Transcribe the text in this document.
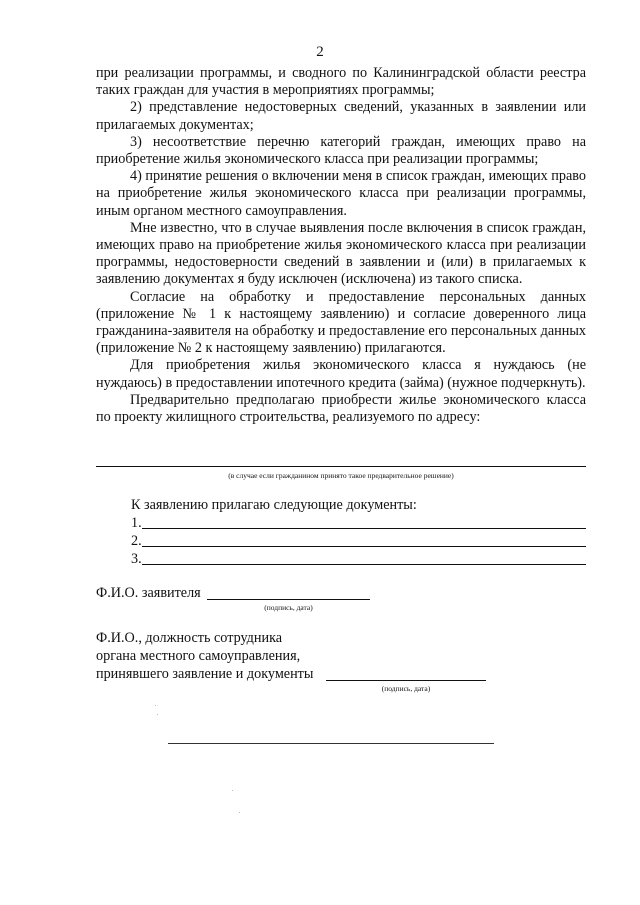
2

при реализации программы, и сводного по Калининградской области реестра таких граждан для участия в мероприятиях программы;

2) представление недостоверных сведений, указанных в заявлении или прилагаемых документах;

3) несоответствие перечню категорий граждан, имеющих право на приобретение жилья экономического класса при реализации программы;

4) принятие решения о включении меня в список граждан, имеющих право на приобретение жилья экономического класса при реализации программы, иным органом местного самоуправления.

Мне известно, что в случае выявления после включения в список граждан, имеющих право на приобретение жилья экономического класса при реализации программы, недостоверности сведений в заявлении и (или) в прилагаемых к заявлению документах я буду исключен (исключена) из такого списка.

Согласие на обработку и предоставление персональных данных (приложение № 1 к настоящему заявлению) и согласие доверенного лица гражданина-заявителя на обработку и предоставление его персональных данных (приложение № 2 к настоящему заявлению) прилагаются.

Для приобретения жилья экономического класса я нуждаюсь (не нуждаюсь) в предоставлении ипотечного кредита (займа) (нужное подчеркнуть).

Предварительно предполагаю приобрести жилье экономического класса по проекту жилищного строительства, реализуемого по адресу:

(в случае если гражданином принято такое предварительное решение)
К заявлению прилагаю следующие документы:
1.
2.
3.
Ф.И.О. заявителя
(подпись, дата)
Ф.И.О., должность сотрудника
органа местного самоуправления,
принявшего заявление и документы
(подпись, дата)
